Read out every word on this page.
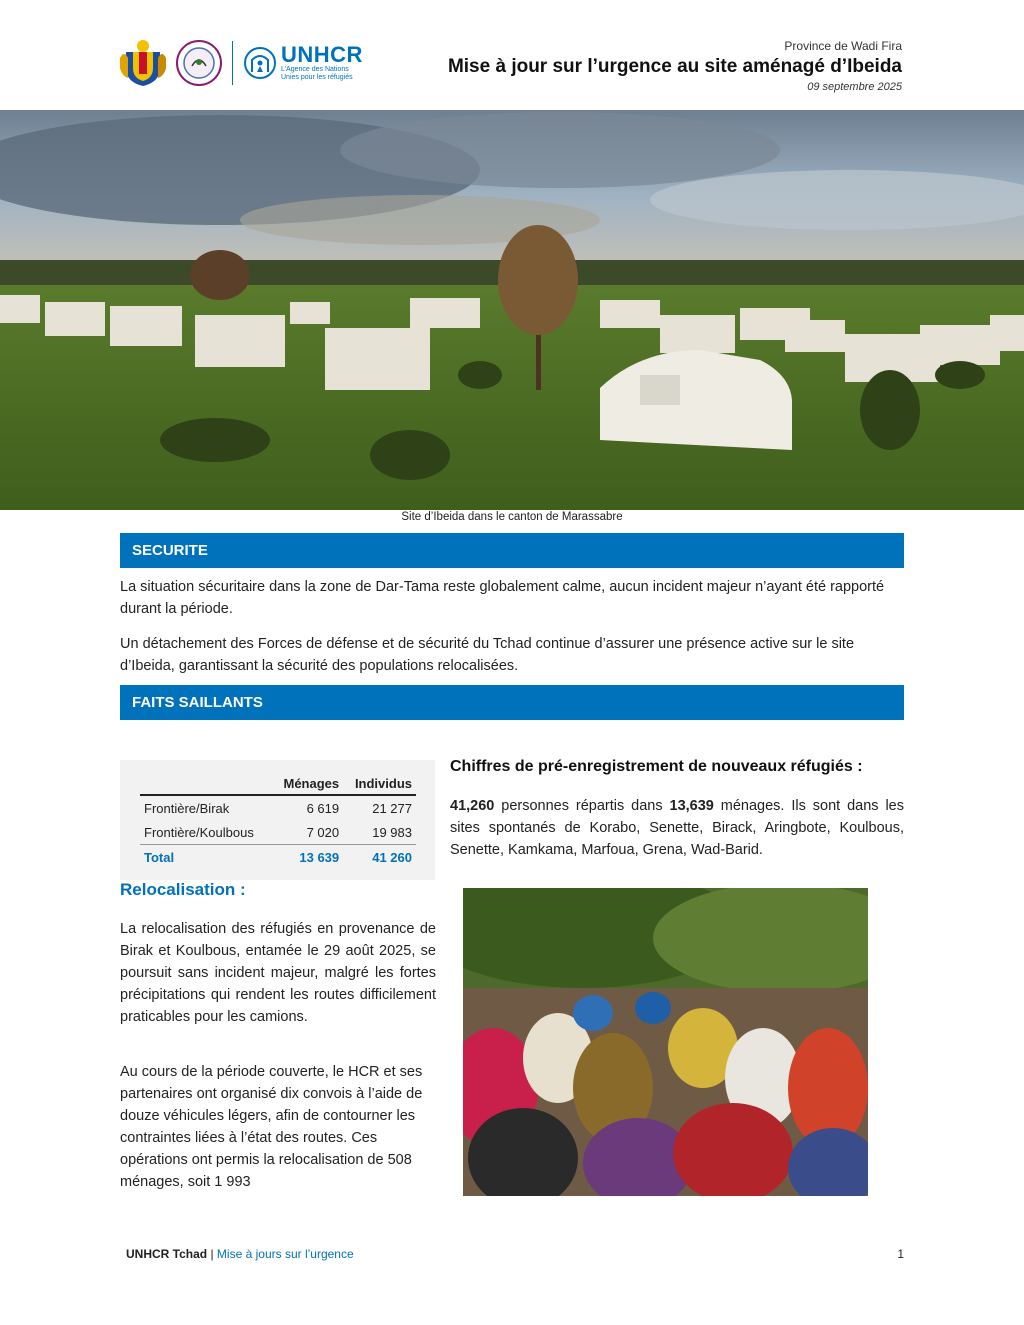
UNHCR
L’Agence des Nations
Unies pour les réfugiés
Province de Wadi Fira
Mise à jour sur l’urgence au site aménagé d’Ibeida
09 septembre 2025
Site d’Ibeida dans le canton de Marassabre
SECURITE

La situation sécuritaire dans la zone de Dar-Tama reste globalement calme, aucun incident majeur n’ayant été rapporté durant la période.

Un détachement des Forces de défense et de sécurité du Tchad continue d’assurer une présence active sur le site d’Ibeida, garantissant la sécurité des populations relocalisées.

FAITS SAILLANTS
	Ménages	Individus
Frontière/Birak	6 619	21 277
Frontière/Koulbous	7 020	19 983
Total	13 639	41 260
Relocalisation :

La relocalisation des réfugiés en provenance de Birak et Koulbous, entamée le 29 août 2025, se poursuit sans incident majeur, malgré les fortes précipitations qui rendent les routes difficilement praticables pour les camions.

Au cours de la période couverte, le HCR et ses partenaires ont organisé dix convois à l’aide de douze véhicules légers, afin de contourner les contraintes liées à l’état des routes. Ces opérations ont permis la relocalisation de 508 ménages, soit 1 993

Chiffres de pré-enregistrement de nouveaux réfugiés :

41,260 personnes répartis dans 13,639 ménages. Ils sont dans les sites spontanés de Korabo, Senette, Birack, Aringbote, Koulbous, Senette, Kamkama, Marfoua, Grena, Wad-Barid.

UNHCR Tchad | Mise à jours sur l’urgence	1
